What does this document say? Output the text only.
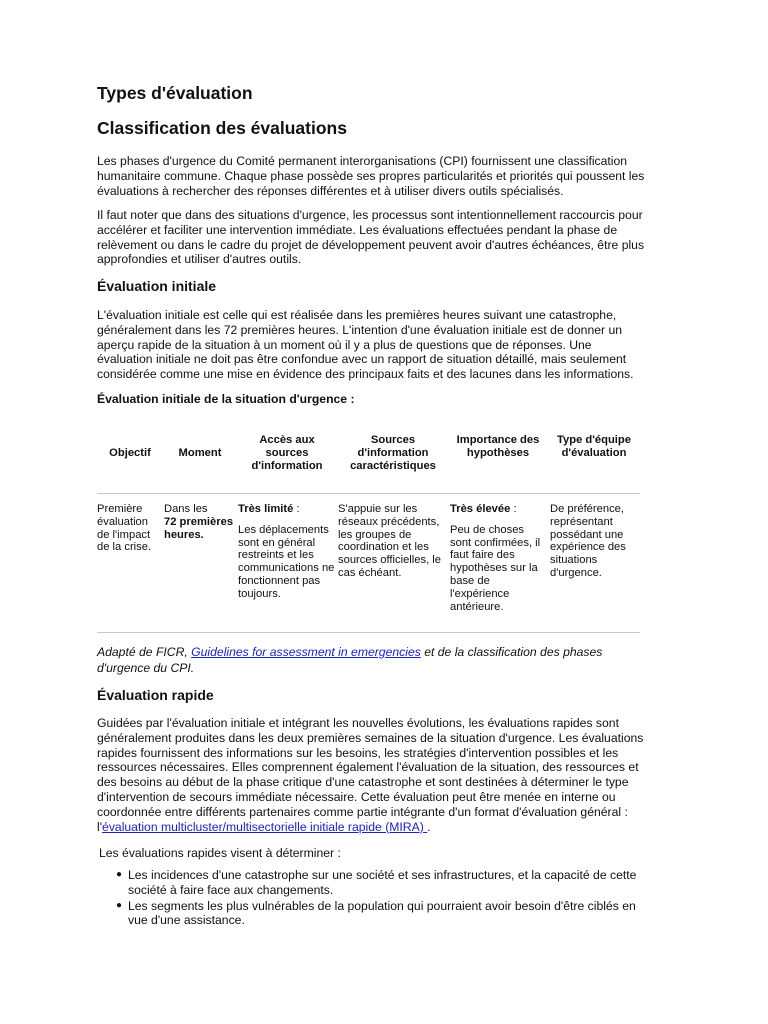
Types d'évaluation
Classification des évaluations

Les phases d'urgence du Comité permanent interorganisations (CPI) fournissent une classification humanitaire commune. Chaque phase possède ses propres particularités et priorités qui poussent les évaluations à rechercher des réponses différentes et à utiliser divers outils spécialisés.

Il faut noter que dans des situations d'urgence, les processus sont intentionnellement raccourcis pour accélérer et faciliter une intervention immédiate. Les évaluations effectuées pendant la phase de relèvement ou dans le cadre du projet de développement peuvent avoir d'autres échéances, être plus approfondies et utiliser d'autres outils.

Évaluation initiale

L'évaluation initiale est celle qui est réalisée dans les premières heures suivant une catastrophe, généralement dans les 72 premières heures. L'intention d'une évaluation initiale est de donner un aperçu rapide de la situation à un moment où il y a plus de questions que de réponses. Une évaluation initiale ne doit pas être confondue avec un rapport de situation détaillé, mais seulement considérée comme une mise en évidence des principaux faits et des lacunes dans les informations.

Évaluation initiale de la situation d'urgence :

Objectif	Moment
Accès aux sources d'information
Sources d'information caractéristiques
Importance des hypothèses
Type d'équipe d'évaluation
Première évaluation de l'impact de la crise.

Dans les

72 premières heures.

Très limité :

Les déplacements sont en général restreints et les communications ne fonctionnent pas toujours.

S'appuie sur les réseaux précédents, les groupes de coordination et les sources officielles, le cas échéant.

Très élevée :

Peu de choses sont confirmées, il faut faire des hypothèses sur la base de l'expérience antérieure.

De préférence, représentant possédant une expérience des situations d'urgence.

Adapté de FICR, Guidelines for assessment in emergencies et de la classification des phases d'urgence du CPI.

Évaluation rapide

Guidées par l'évaluation initiale et intégrant les nouvelles évolutions, les évaluations rapides sont généralement produites dans les deux premières semaines de la situation d'urgence. Les évaluations rapides fournissent des informations sur les besoins, les stratégies d'intervention possibles et les ressources nécessaires. Elles comprennent également l'évaluation de la situation, des ressources et des besoins au début de la phase critique d'une catastrophe et sont destinées à déterminer le type d'intervention de secours immédiate nécessaire. Cette évaluation peut être menée en interne ou coordonnée entre différents partenaires comme partie intégrante d'un format d'évaluation général : l'évaluation multicluster/multisectorielle initiale rapide (MIRA) .

Les évaluations rapides visent à déterminer :

● Les incidences d'une catastrophe sur une société et ses infrastructures, et la capacité de cette société à faire face aux changements.
● Les segments les plus vulnérables de la population qui pourraient avoir besoin d'être ciblés en vue d'une assistance.
